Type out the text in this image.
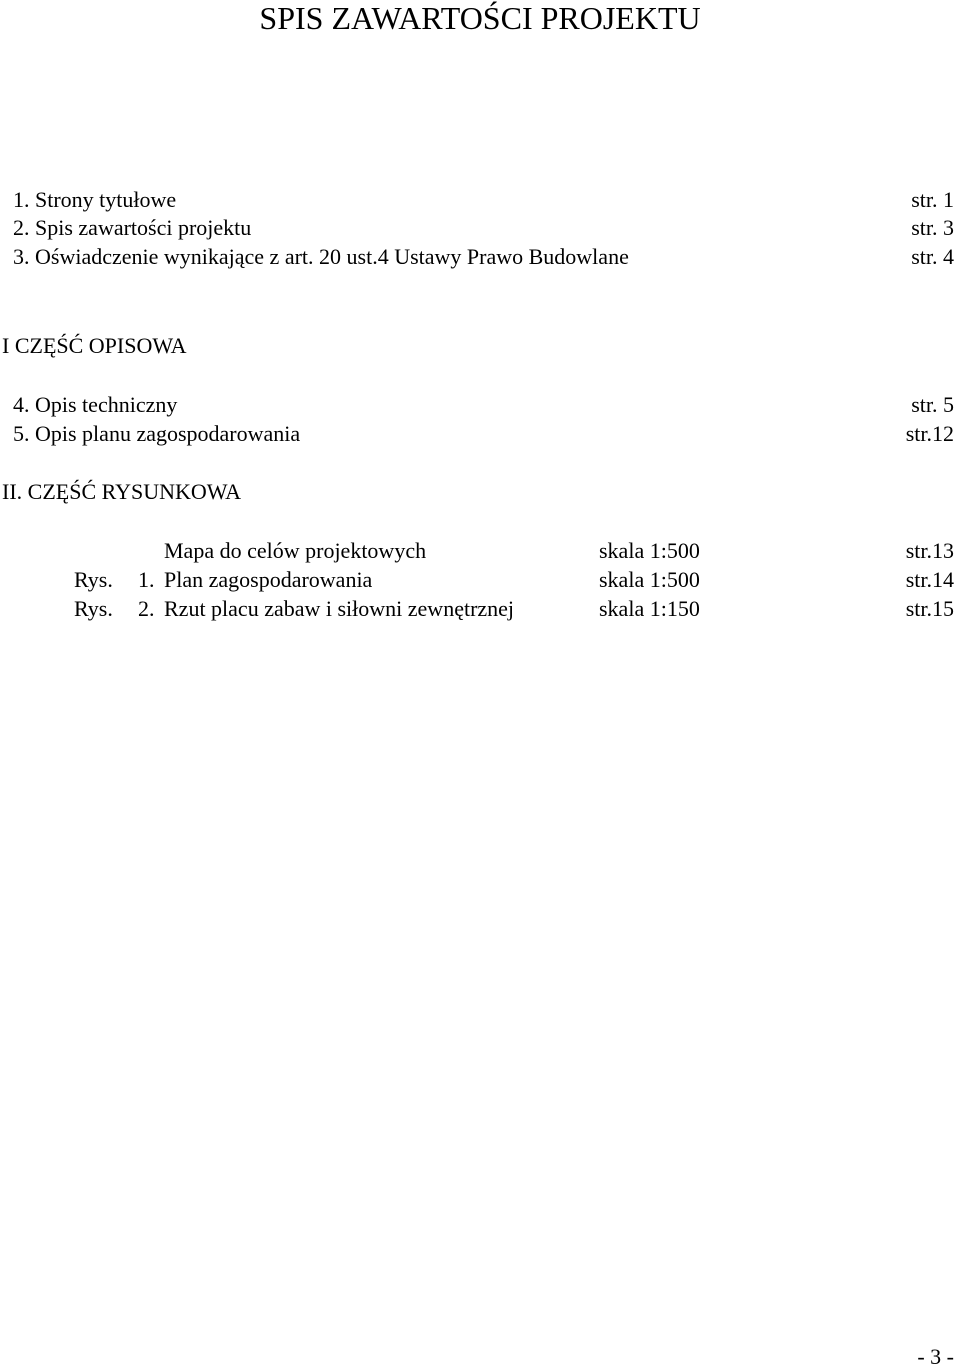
SPIS ZAWARTOŚCI PROJEKTU
1. Strony tytułowe	str. 1
2. Spis zawartości projektu	str. 3
3. Oświadczenie wynikające z art. 20 ust.4 Ustawy Prawo Budowlane	str. 4
I CZĘŚĆ OPISOWA
4. Opis techniczny	str. 5
5. Opis planu zagospodarowania	str.12
II. CZĘŚĆ RYSUNKOWA
Mapa do celów projektowych	skala 1:500	str.13
Rys. 1. Plan zagospodarowania	skala 1:500	str.14
Rys. 2. Rzut placu zabaw i siłowni zewnętrznej	skala 1:150	str.15
- 3 -
